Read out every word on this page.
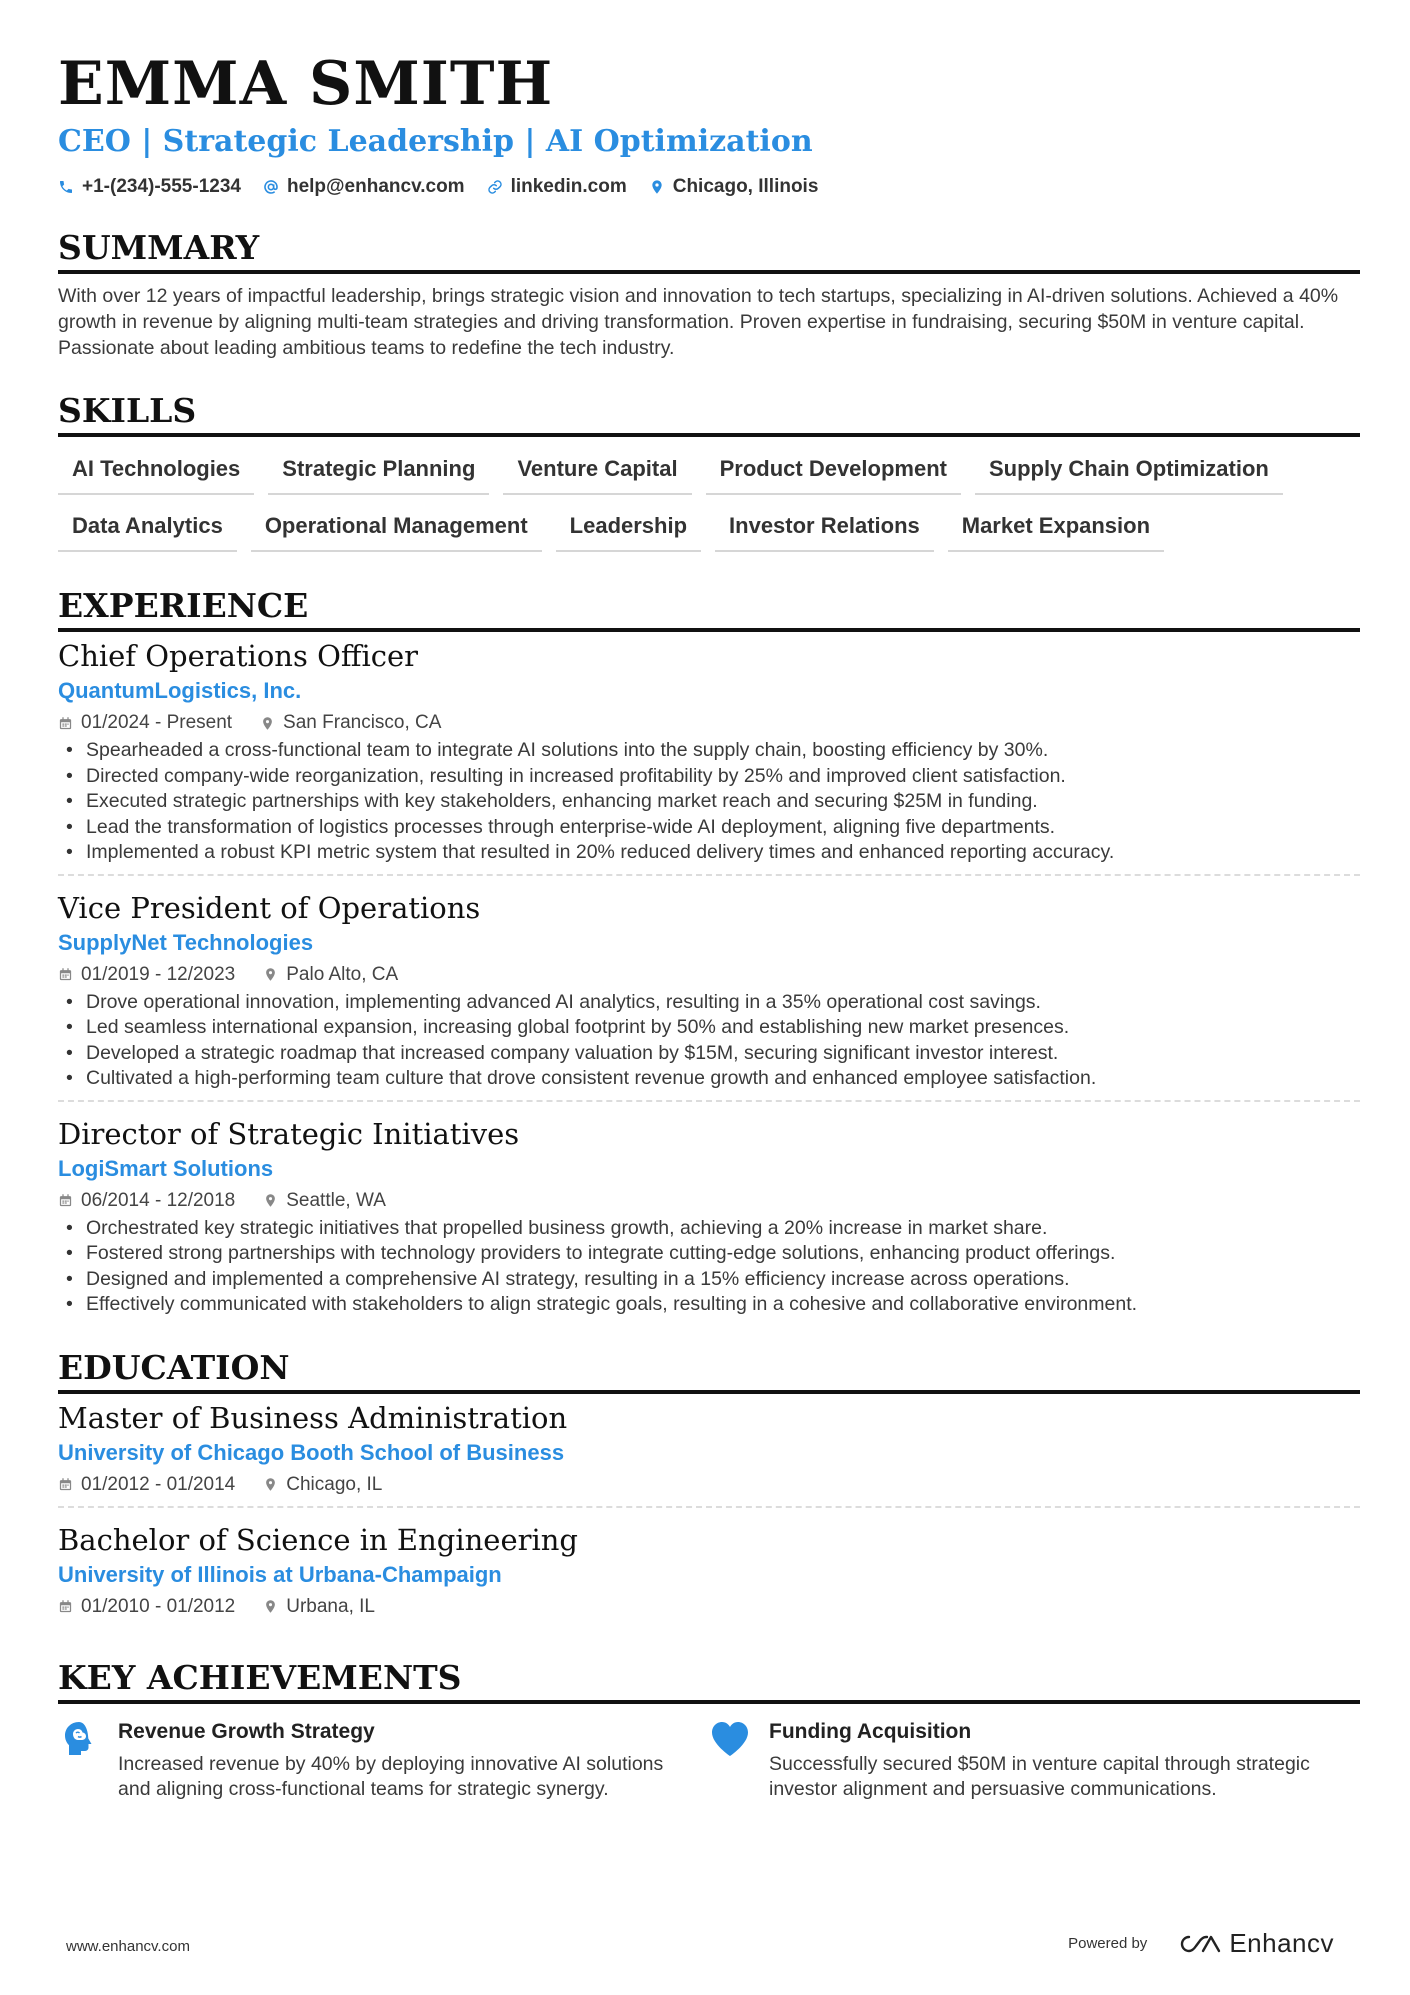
EMMA SMITH
CEO | Strategic Leadership | AI Optimization
+1-(234)-555-1234 help@enhancv.com linkedin.com Chicago, Illinois
SUMMARY

With over 12 years of impactful leadership, brings strategic vision and innovation to tech startups, specializing in AI-driven solutions. Achieved a 40% growth in revenue by aligning multi-team strategies and driving transformation. Proven expertise in fundraising, securing $50M in venture capital. Passionate about leading ambitious teams to redefine the tech industry.

SKILLS
AI Technologies	Strategic Planning	Venture Capital	Product Development	Supply Chain Optimization
Data Analytics	Operational Management	Leadership	Investor Relations	Market Expansion
EXPERIENCE
Chief Operations Officer
QuantumLogistics, Inc.
01/2024 - Present	San Francisco, CA
• Spearheaded a cross-functional team to integrate AI solutions into the supply chain, boosting efficiency by 30%.
• Directed company-wide reorganization, resulting in increased profitability by 25% and improved client satisfaction.
• Executed strategic partnerships with key stakeholders, enhancing market reach and securing $25M in funding.
• Lead the transformation of logistics processes through enterprise-wide AI deployment, aligning five departments.
• Implemented a robust KPI metric system that resulted in 20% reduced delivery times and enhanced reporting accuracy.
Vice President of Operations
SupplyNet Technologies
01/2019 - 12/2023	Palo Alto, CA
• Drove operational innovation, implementing advanced AI analytics, resulting in a 35% operational cost savings.
• Led seamless international expansion, increasing global footprint by 50% and establishing new market presences.
• Developed a strategic roadmap that increased company valuation by $15M, securing significant investor interest.
• Cultivated a high-performing team culture that drove consistent revenue growth and enhanced employee satisfaction.
Director of Strategic Initiatives
LogiSmart Solutions
06/2014 - 12/2018	Seattle, WA
• Orchestrated key strategic initiatives that propelled business growth, achieving a 20% increase in market share.
• Fostered strong partnerships with technology providers to integrate cutting-edge solutions, enhancing product offerings.
• Designed and implemented a comprehensive AI strategy, resulting in a 15% efficiency increase across operations.
• Effectively communicated with stakeholders to align strategic goals, resulting in a cohesive and collaborative environment.
EDUCATION
Master of Business Administration
University of Chicago Booth School of Business
01/2012 - 01/2014	Chicago, IL
Bachelor of Science in Engineering
University of Illinois at Urbana-Champaign
01/2010 - 01/2012	Urbana, IL
KEY ACHIEVEMENTS
Revenue Growth Strategy
Increased revenue by 40% by deploying innovative AI solutions and aligning cross-functional teams for strategic synergy.
Funding Acquisition
Successfully secured $50M in venture capital through strategic investor alignment and persuasive communications.
www.enhancv.com	Powered by	Enhancv
